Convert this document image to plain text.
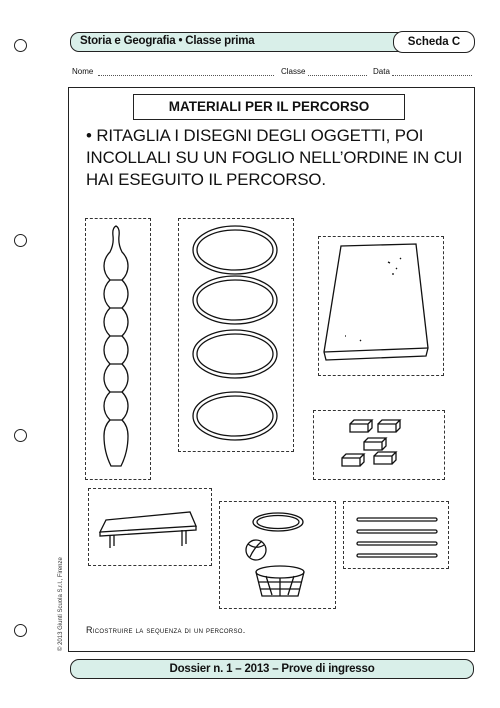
Storia e Geografia • Classe prima	Scheda C
Nome	Classe	Data
MATERIALI PER IL PERCORSO
• RITAGLIA I DISEGNI DEGLI OGGETTI, POI INCOLLALI SU UN FOGLIO NELL’ORDINE IN CUI HAI ESEGUITO IL PERCORSO.
Ricostruire la sequenza di un percorso.
© 2013 Giunti Scuola S.r.l., Firenze
Dossier n. 1 – 2013 – Prove di ingresso
